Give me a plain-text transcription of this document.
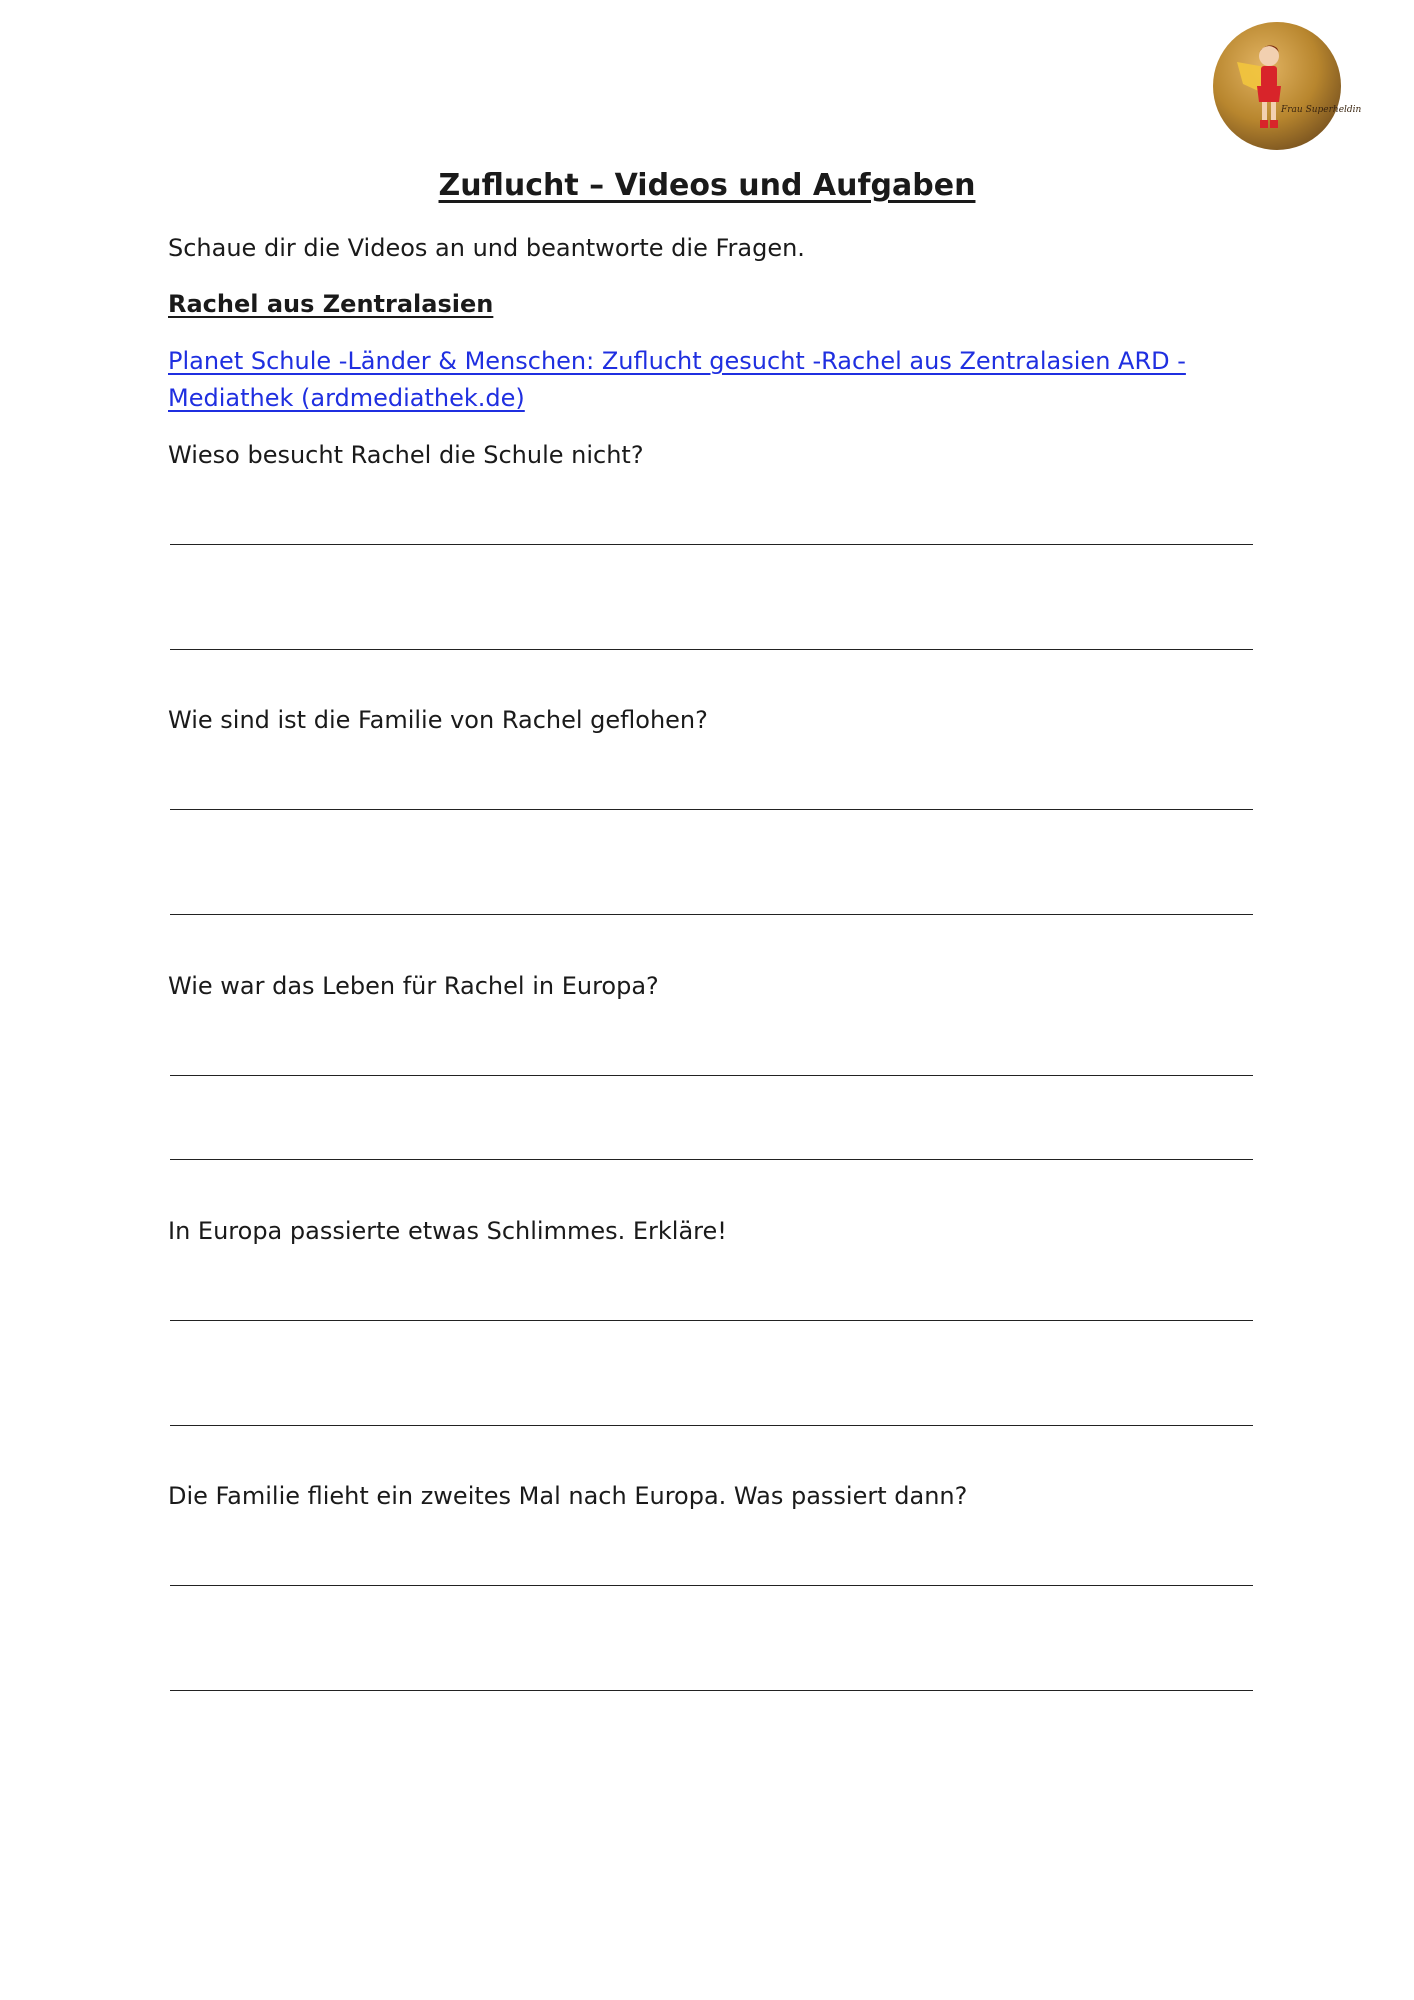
Frau Superheldin
Zuflucht – Videos und Aufgaben
Schaue dir die Videos an und beantworte die Fragen.
Rachel aus Zentralasien
Planet Schule -Länder & Menschen: Zuflucht gesucht -Rachel aus Zentralasien ARD - Mediathek (ardmediathek.de)
Wieso besucht Rachel die Schule nicht?
Wie sind ist die Familie von Rachel geflohen?
Wie war das Leben für Rachel in Europa?
In Europa passierte etwas Schlimmes. Erkläre!
Die Familie flieht ein zweites Mal nach Europa. Was passiert dann?
